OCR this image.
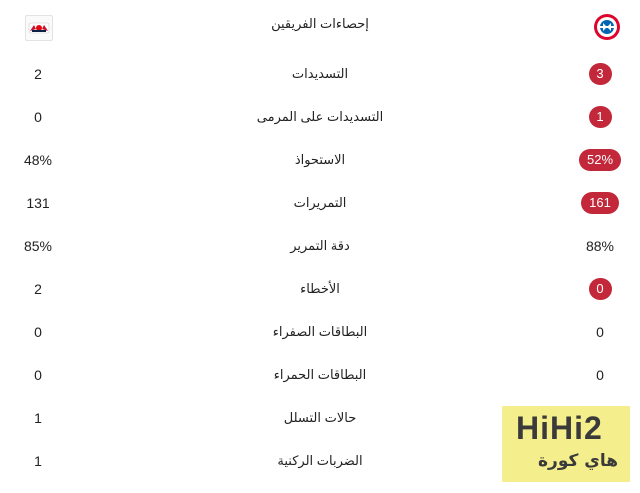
إحصاءات الفريقين
2	التسديدات	3
0	التسديدات على المرمى	1
48%	الاستحواذ	52%
131	التمريرات	161
85%	دقة التمرير	88%
2	الأخطاء	0
0	البطاقات الصفراء	0
0	البطاقات الحمراء	0
1	حالات التسلل
1	الضربات الركنية
HiHi2
هاي كورة
